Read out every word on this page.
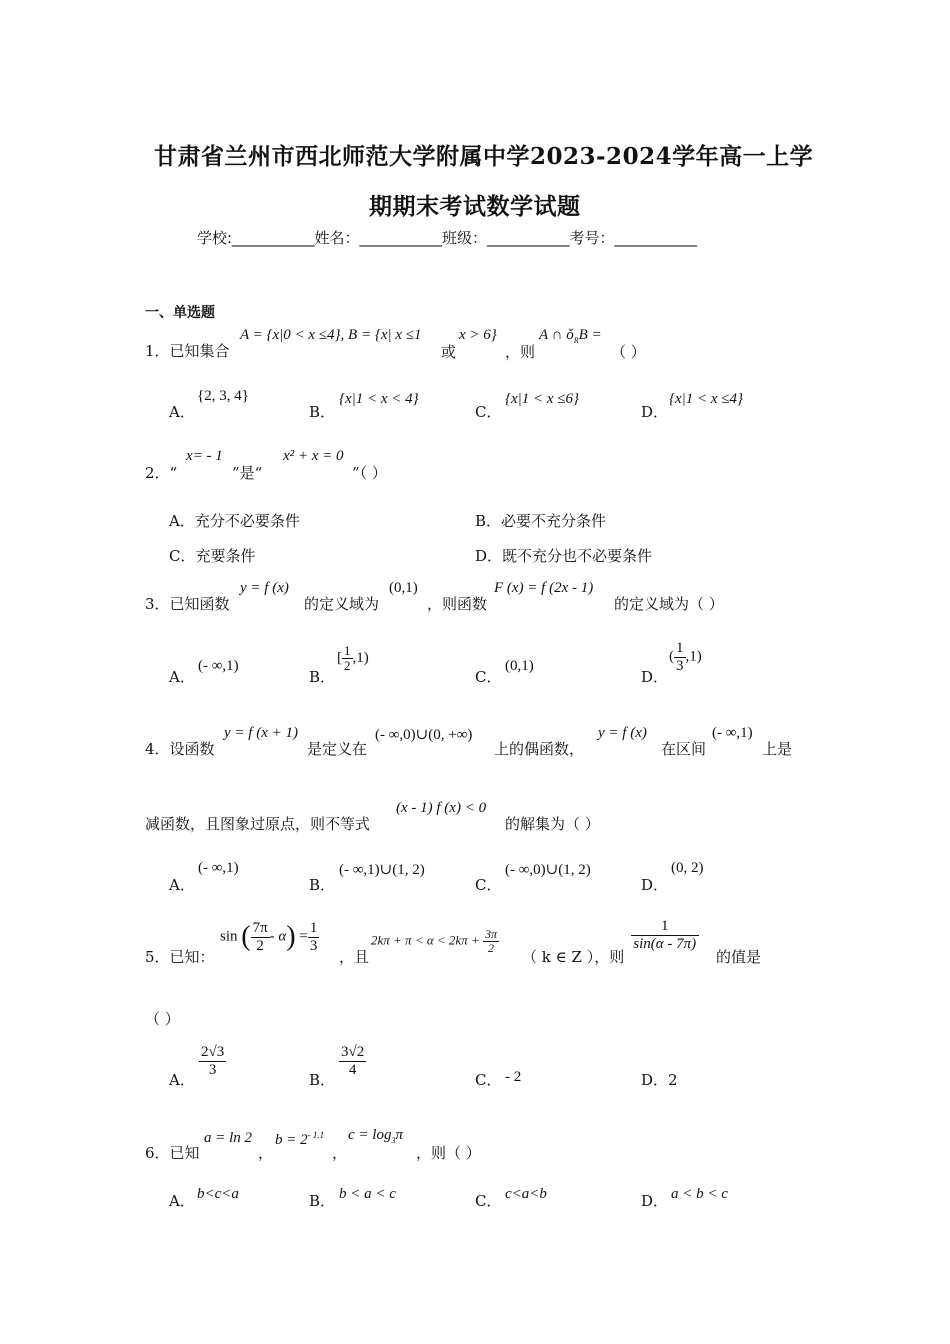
甘肃省兰州市西北师范大学附属中学2023-2024学年高一上学
期期末考试数学试题
学校:___________姓名：___________班级：___________考号：___________
一、单选题
1．已知集合
A = {x|0 < x ≤4}, B = {x| x ≤1
或
x > 6}
，则
A ∩ $ǒ_RB$ =
（ ）
A．
{2, 3, 4}
B．
{x|1 < x < 4}
C．
{x|1 < x ≤6}
D．
{x|1 < x ≤4}
2．“
x= - 1
”是“
x² + x = 0
”（ ）
A．充分不必要条件	B．必要不充分条件
C．充要条件	D．既不充分也不必要条件
3．已知函数
y = f (x)
的定义域为
(0,1)
，则函数
F (x) = f (2x - 1)
的定义域为（ ）
A．
(- ∞,1)
B．
[ $\frac{1}{2} ,1$)
C．
(0,1)
D．
( $\frac{1}{3} ,1$)
4．设函数
y = f (x + 1)
是定义在
(- ∞,0)∪(0, +∞)
上的偶函数，
y = f (x)
在区间
(- ∞,1)
上是
减函数，且图象过原点，则不等式
(x - 1) f (x) < 0
的解集为（ ）
A．
(- ∞,1)
B．
(- ∞,1)∪(1, 2)
C．
(- ∞,0)∪(1, 2)
D．
(0, 2)
5．已知：
sin ( $\frac{7\pi}{2} - \alpha) = \frac{1}{3}$
，且
$2k\pi + \pi < \alpha < 2k\pi + \frac{3\pi}{2}$
（ k ∈ Z ），则
$\frac{1}{\sin(\alpha - 7\pi)}$
的值是
（ ）
A．
$\frac{2√3}{3}$
B．
$\frac{3√2}{4}$
C． - 2	D．2
6．已知
a = ln 2
，
$b = 2^{- 1.1}$
，
$c = \log_3\pi$
，则（ ）
A． b<c<a	B． b < a < c	C． c<a<b	D． a < b < c
